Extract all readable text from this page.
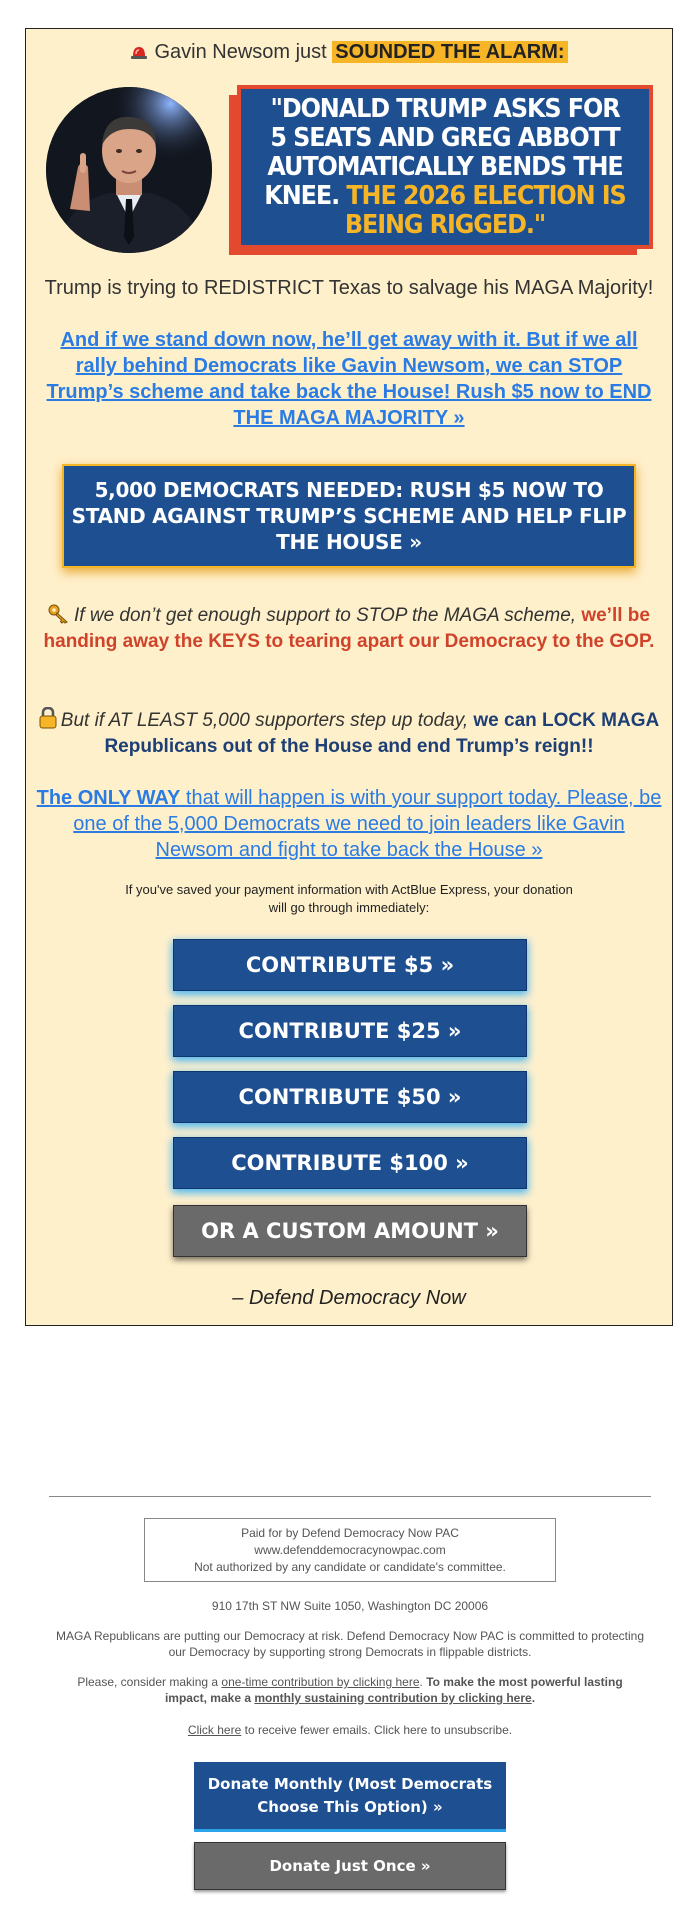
Gavin Newsom just SOUNDED THE ALARM:
"DONALD TRUMP ASKS FOR 5 SEATS AND GREG ABBOTT AUTOMATICALLY BENDS THE KNEE. THE 2026 ELECTION IS BEING RIGGED."
Trump is trying to REDISTRICT Texas to salvage his MAGA Majority!
And if we stand down now, he’ll get away with it. But if we all rally behind Democrats like Gavin Newsom, we can STOP Trump’s scheme and take back the House! Rush $5 now to END THE MAGA MAJORITY »
5,000 DEMOCRATS NEEDED: RUSH $5 NOW TO STAND AGAINST TRUMP’S SCHEME AND HELP FLIP THE HOUSE »
If we don’t get enough support to STOP the MAGA scheme, we’ll be handing away the KEYS to tearing apart our Democracy to the GOP.
But if AT LEAST 5,000 supporters step up today, we can LOCK MAGA Republicans out of the House and end Trump’s reign!!
The ONLY WAY that will happen is with your support today. Please, be one of the 5,000 Democrats we need to join leaders like Gavin Newsom and fight to take back the House »
If you've saved your payment information with ActBlue Express, your donation will go through immediately:
CONTRIBUTE $5 »
CONTRIBUTE $25 »
CONTRIBUTE $50 »
CONTRIBUTE $100 »
OR A CUSTOM AMOUNT »
– Defend Democracy Now
Paid for by Defend Democracy Now PAC
www.defenddemocracynowpac.com
Not authorized by any candidate or candidate's committee.
910 17th ST NW Suite 1050, Washington DC 20006
MAGA Republicans are putting our Democracy at risk. Defend Democracy Now PAC is committed to protecting our Democracy by supporting strong Democrats in flippable districts.
Please, consider making a one-time contribution by clicking here. To make the most powerful lasting impact, make a monthly sustaining contribution by clicking here.
Click here to receive fewer emails. Click here to unsubscribe.
Donate Monthly (Most Democrats Choose This Option) »
Donate Just Once »
